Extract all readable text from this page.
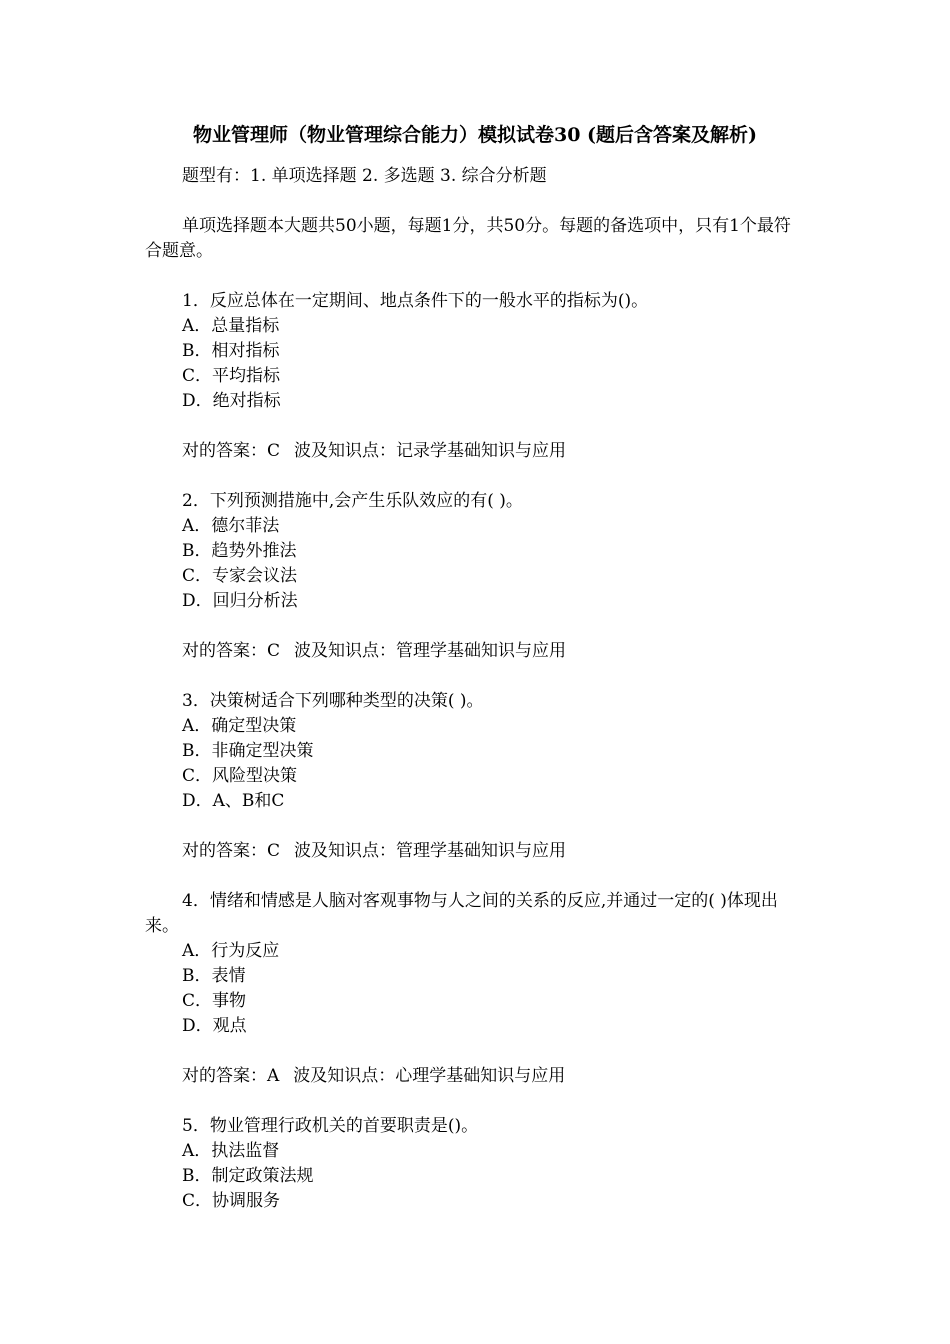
物业管理师（物业管理综合能力）模拟试卷30 (题后含答案及解析)
题型有：1. 单项选择题 2. 多选题 3. 综合分析题
单项选择题本大题共50小题，每题1分，共50分。每题的备选项中，只有1个最符合题意。
1．反应总体在一定期间、地点条件下的一般水平的指标为()。
A．总量指标
B．相对指标
C．平均指标
D．绝对指标
对的答案：C 波及知识点：记录学基础知识与应用
2．下列预测措施中,会产生乐队效应的有( )。
A．德尔菲法
B．趋势外推法
C．专家会议法
D．回归分析法
对的答案：C 波及知识点：管理学基础知识与应用
3．决策树适合下列哪种类型的决策( )。
A．确定型决策
B．非确定型决策
C．风险型决策
D．A、B和C
对的答案：C 波及知识点：管理学基础知识与应用
4．情绪和情感是人脑对客观事物与人之间的关系的反应,并通过一定的( )体现出来。
A．行为反应
B．表情
C．事物
D．观点
对的答案：A 波及知识点：心理学基础知识与应用
5．物业管理行政机关的首要职责是()。
A．执法监督
B．制定政策法规
C．协调服务
